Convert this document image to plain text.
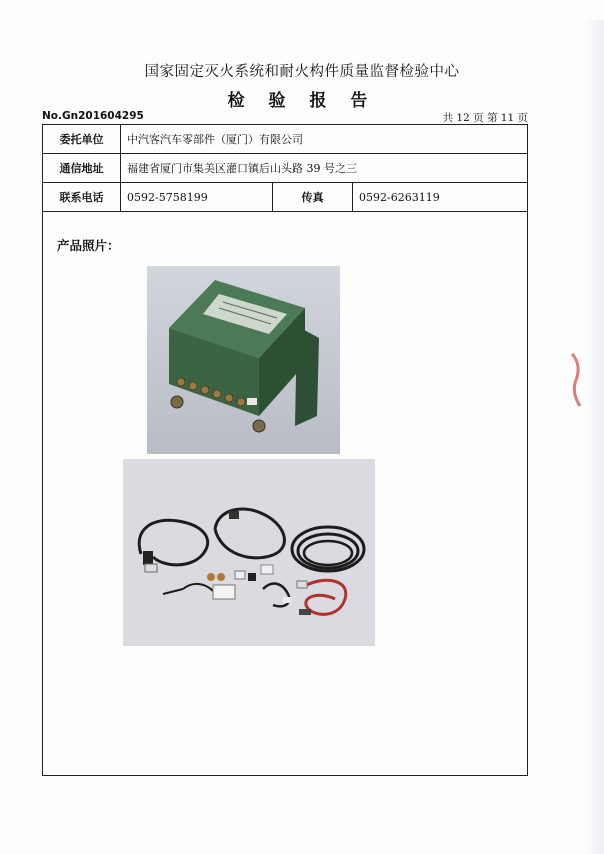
国家固定灭火系统和耐火构件质量监督检验中心
检 验 报 告
No.Gn201604295	共 12 页 第 11 页
委托单位	中汽客汽车零部件（厦门）有限公司		
通信地址	福建省厦门市集美区灌口镇后山头路 39 号之三		
联系电话	0592-5758199	传真	0592-6263119
产品照片：
